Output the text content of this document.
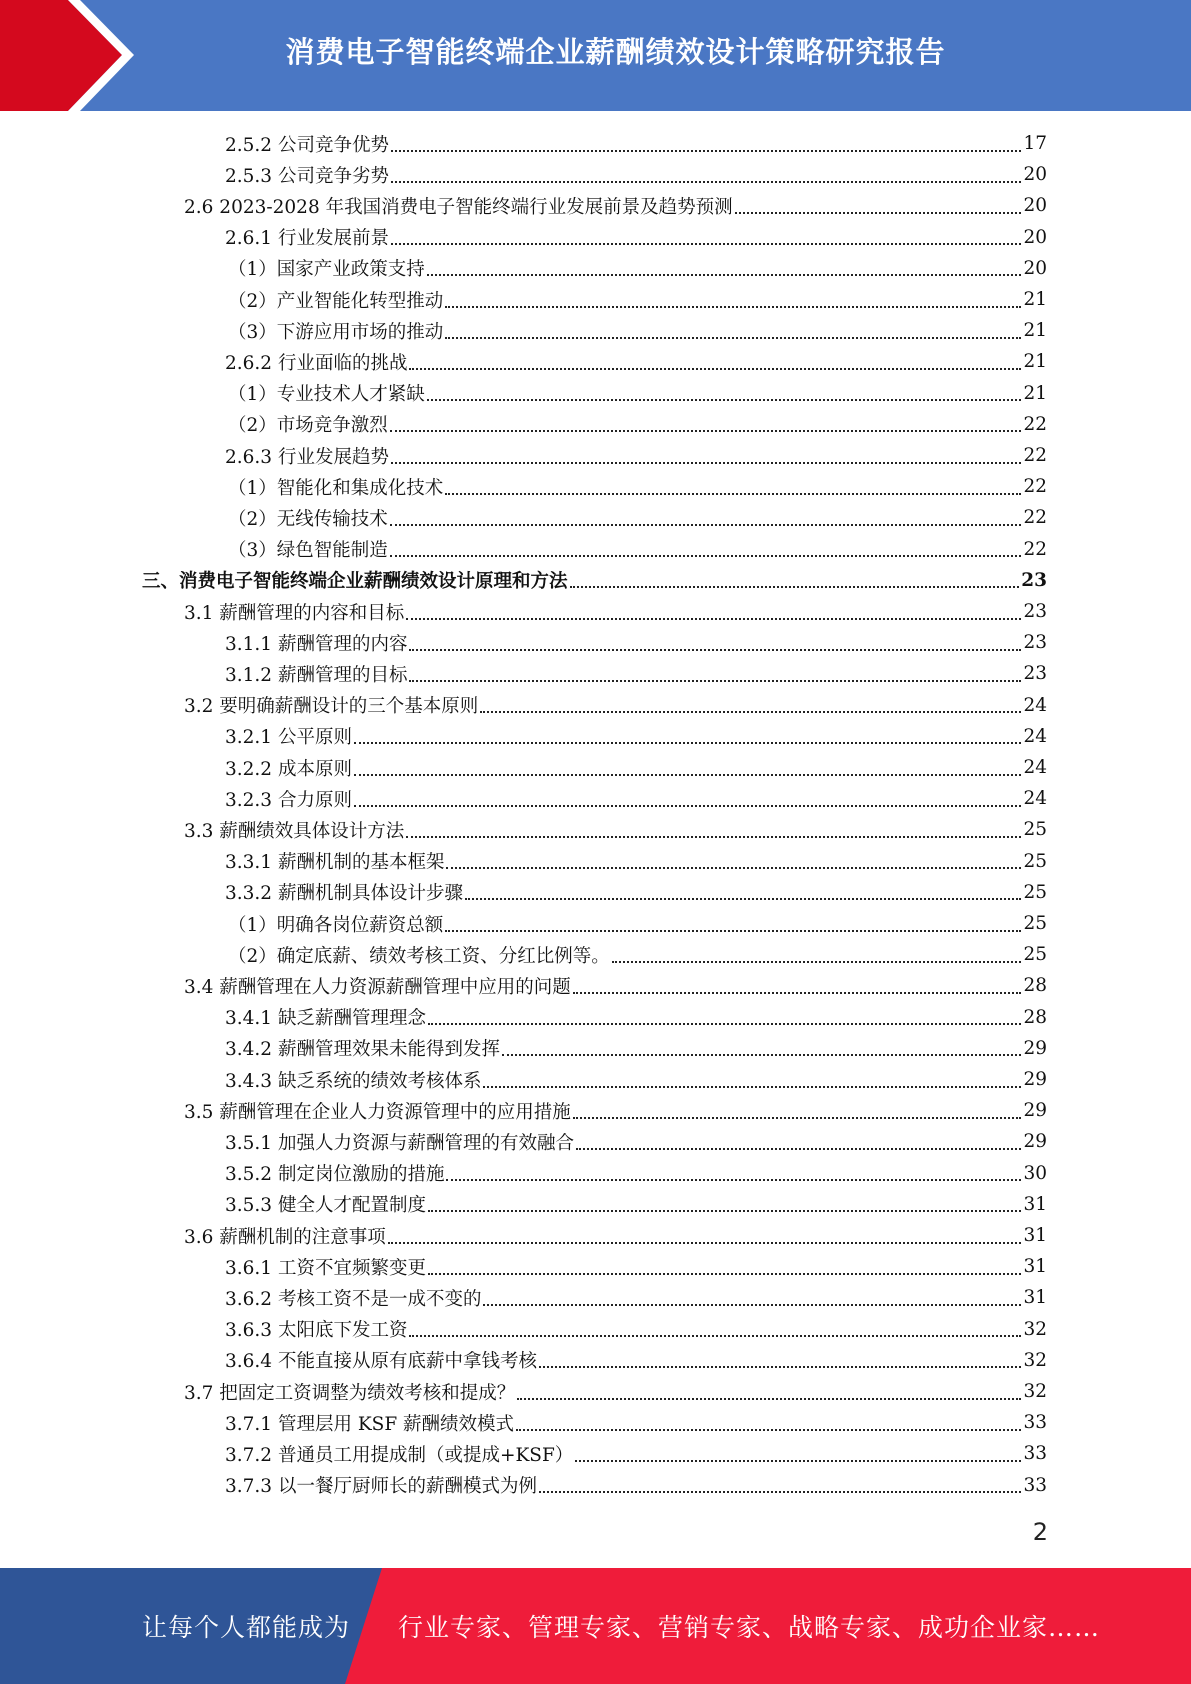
消费电子智能终端企业薪酬绩效设计策略研究报告
2.5.2 公司竞争优势	17
2.5.3 公司竞争劣势	20
2.6 2023-2028 年我国消费电子智能终端行业发展前景及趋势预测	20
2.6.1 行业发展前景	20
（1）国家产业政策支持	20
（2）产业智能化转型推动	21
（3）下游应用市场的推动	21
2.6.2 行业面临的挑战	21
（1）专业技术人才紧缺	21
（2）市场竞争激烈	22
2.6.3 行业发展趋势	22
（1）智能化和集成化技术	22
（2）无线传输技术	22
（3）绿色智能制造	22
三、消费电子智能终端企业薪酬绩效设计原理和方法	23
3.1 薪酬管理的内容和目标	23
3.1.1 薪酬管理的内容	23
3.1.2 薪酬管理的目标	23
3.2 要明确薪酬设计的三个基本原则	24
3.2.1 公平原则	24
3.2.2 成本原则	24
3.2.3 合力原则	24
3.3 薪酬绩效具体设计方法	25
3.3.1 薪酬机制的基本框架	25
3.3.2 薪酬机制具体设计步骤	25
（1）明确各岗位薪资总额	25
（2）确定底薪、绩效考核工资、分红比例等。	25
3.4 薪酬管理在人力资源薪酬管理中应用的问题	28
3.4.1 缺乏薪酬管理理念	28
3.4.2 薪酬管理效果未能得到发挥	29
3.4.3 缺乏系统的绩效考核体系	29
3.5 薪酬管理在企业人力资源管理中的应用措施	29
3.5.1 加强人力资源与薪酬管理的有效融合	29
3.5.2 制定岗位激励的措施	30
3.5.3 健全人才配置制度	31
3.6 薪酬机制的注意事项	31
3.6.1 工资不宜频繁变更	31
3.6.2 考核工资不是一成不变的	31
3.6.3 太阳底下发工资	32
3.6.4 不能直接从原有底薪中拿钱考核	32
3.7 把固定工资调整为绩效考核和提成？	32
3.7.1 管理层用 KSF 薪酬绩效模式	33
3.7.2 普通员工用提成制（或提成+KSF）	33
3.7.3 以一餐厅厨师长的薪酬模式为例	33
2
让每个人都能成为 行业专家、管理专家、营销专家、战略专家、成功企业家……
